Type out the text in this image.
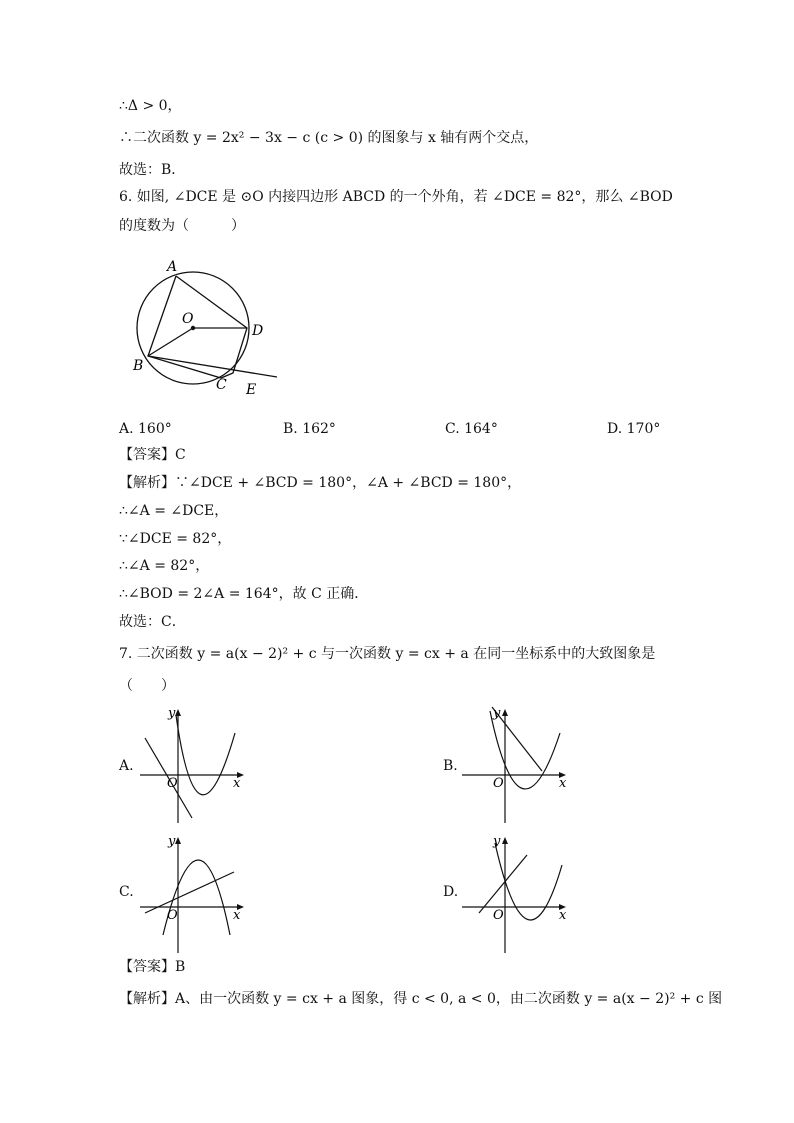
∴Δ > 0，
∴二次函数 y = 2x² − 3x − c (c > 0) 的图象与 x 轴有两个交点，
故选：B．
6. 如图, ∠DCE 是 ⊙O 内接四边形 ABCD 的一个外角，若 ∠DCE = 82°，那么 ∠BOD
的度数为（　　　）
A
O
D
B
C E
A. 160°	B. 162°	C. 164°	D. 170°
【答案】C
【解析】∵∠DCE + ∠BCD = 180°，∠A + ∠BCD = 180°，
∴∠A = ∠DCE，
∵∠DCE = 82°，
∴∠A = 82°，
∴∠BOD = 2∠A = 164°，故 C 正确．
故选：C．
7. 二次函数 y = a(x − 2)² + c 与一次函数 y = cx + a 在同一坐标系中的大致图象是
（　　）
A.
y
x
O
B.
y
x
O
C.
y
x
O
D.
y
x
O
【答案】B
【解析】A、由一次函数 y = cx + a 图象，得 c < 0, a < 0，由二次函数 y = a(x − 2)² + c 图
